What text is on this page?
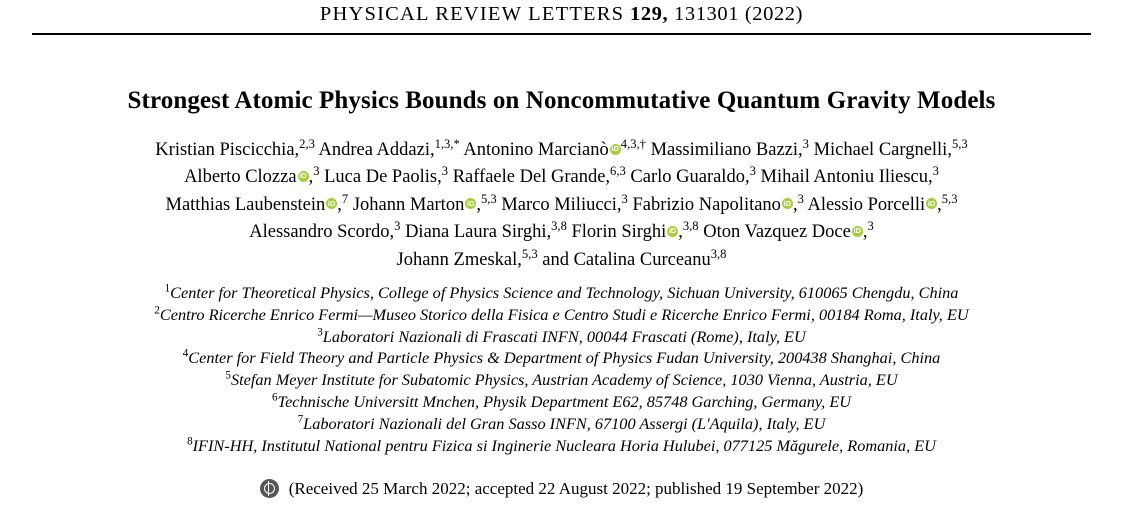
PHYSICAL REVIEW LETTERS 129, 131301 (2022)
Strongest Atomic Physics Bounds on Noncommutative Quantum Gravity Models
Kristian Piscicchia,$^{2,3}$ Andrea Addazi,$^{1,3,*}$ Antonino Marcianò iD $^{4,3,\dagger}$ Massimiliano Bazzi,$^3$ Michael Cargnelli,$^{5,3}$
Alberto Clozza iD ,$^3$ Luca De Paolis,$^3$ Raffaele Del Grande,$^{6,3}$ Carlo Guaraldo,$^3$ Mihail Antoniu Iliescu,$^3$
Matthias Laubenstein iD ,$^7$ Johann Marton iD ,$^{5,3}$ Marco Miliucci,$^3$ Fabrizio Napolitano iD ,$^3$ Alessio Porcelli iD ,$^{5,3}$
Alessandro Scordo,$^3$ Diana Laura Sirghi,$^{3,8}$ Florin Sirghi iD ,$^{3,8}$ Oton Vazquez Doce iD ,$^3$
Johann Zmeskal,$^{5,3}$ and Catalina Curceanu$^{3,8}$
$^1$Center for Theoretical Physics, College of Physics Science and Technology, Sichuan University, 610065 Chengdu, China
$^2$Centro Ricerche Enrico Fermi—Museo Storico della Fisica e Centro Studi e Ricerche Enrico Fermi, 00184 Roma, Italy, EU
$^3$Laboratori Nazionali di Frascati INFN, 00044 Frascati (Rome), Italy, EU
$^4$Center for Field Theory and Particle Physics & Department of Physics Fudan University, 200438 Shanghai, China
$^5$Stefan Meyer Institute for Subatomic Physics, Austrian Academy of Science, 1030 Vienna, Austria, EU
$^6$Technische Universitt Mnchen, Physik Department E62, 85748 Garching, Germany, EU
$^7$Laboratori Nazionali del Gran Sasso INFN, 67100 Assergi (L'Aquila), Italy, EU
$^8$IFIN-HH, Institutul National pentru Fizica si Inginerie Nucleara Horia Hulubei, 077125 Măgurele, Romania, EU
(Received 25 March 2022; accepted 22 August 2022; published 19 September 2022)
